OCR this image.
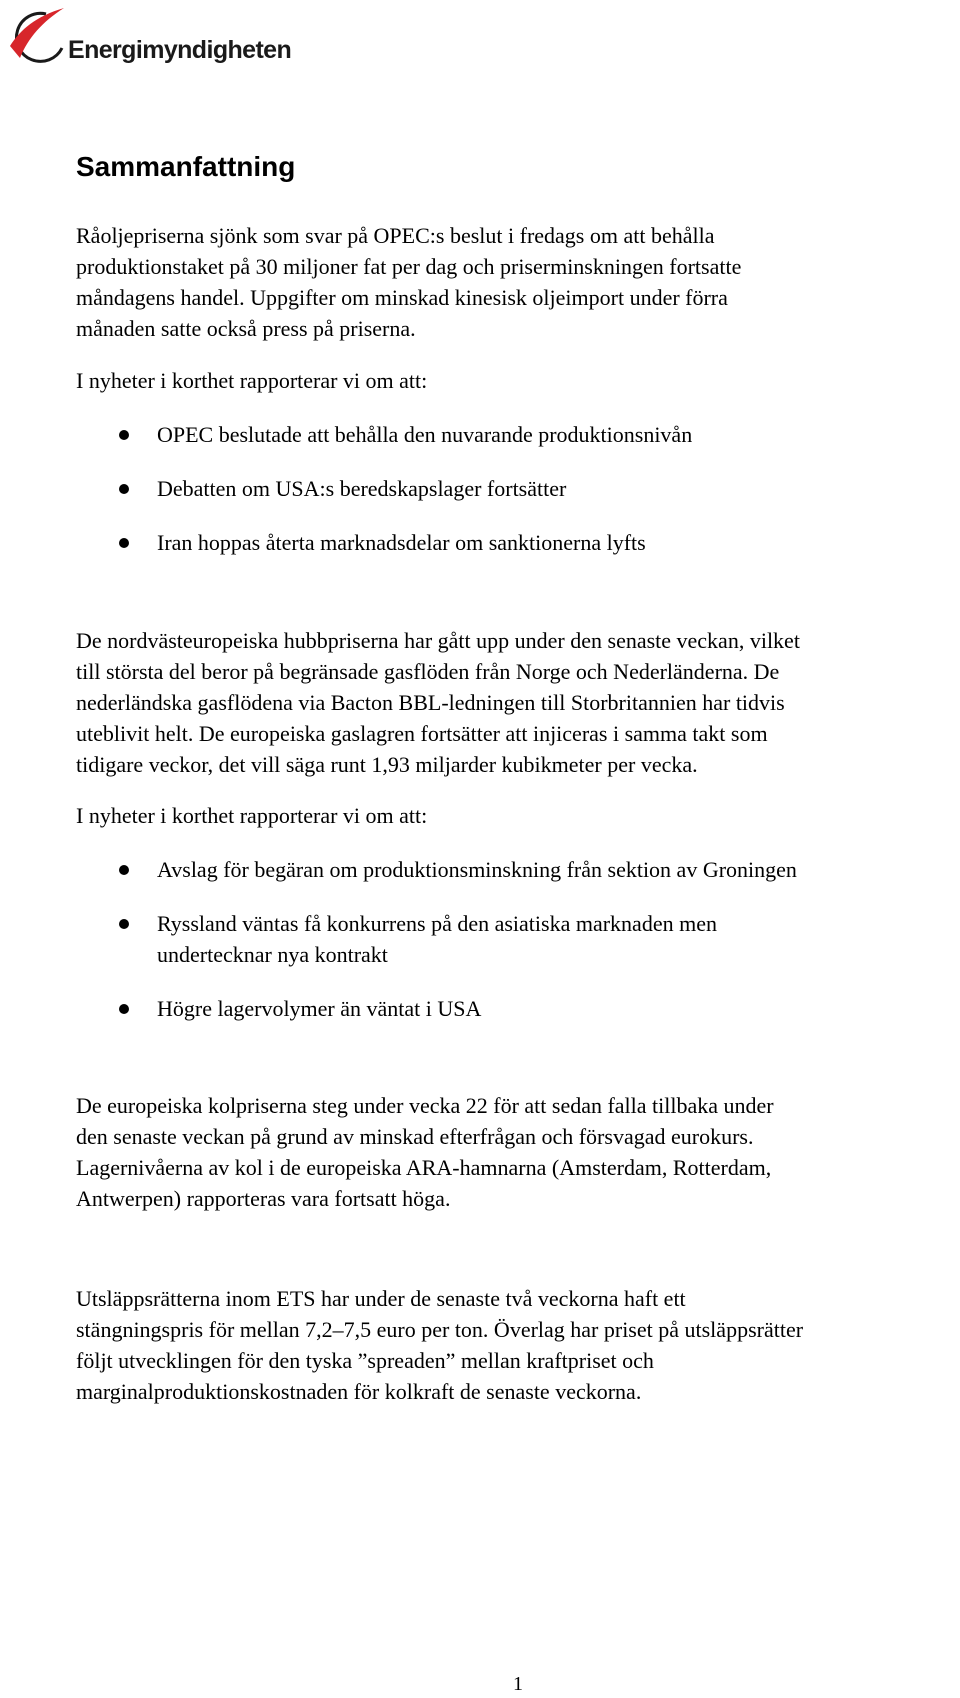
Energimyndigheten
Sammanfattning
Råoljepriserna sjönk som svar på OPEC:s beslut i fredags om att behålla
produktionstaket på 30 miljoner fat per dag och priserminskningen fortsatte
måndagens handel. Uppgifter om minskad kinesisk oljeimport under förra
månaden satte också press på priserna.
I nyheter i korthet rapporterar vi om att:
OPEC beslutade att behålla den nuvarande produktionsnivån
Debatten om USA:s beredskapslager fortsätter
Iran hoppas återta marknadsdelar om sanktionerna lyfts
De nordvästeuropeiska hubbpriserna har gått upp under den senaste veckan, vilket
till största del beror på begränsade gasflöden från Norge och Nederländerna. De
nederländska gasflödena via Bacton BBL-ledningen till Storbritannien har tidvis
uteblivit helt. De europeiska gaslagren fortsätter att injiceras i samma takt som
tidigare veckor, det vill säga runt 1,93 miljarder kubikmeter per vecka.
I nyheter i korthet rapporterar vi om att:
Avslag för begäran om produktionsminskning från sektion av Groningen
Ryssland väntas få konkurrens på den asiatiska marknaden men
undertecknar nya kontrakt
Högre lagervolymer än väntat i USA
De europeiska kolpriserna steg under vecka 22 för att sedan falla tillbaka under
den senaste veckan på grund av minskad efterfrågan och försvagad eurokurs.
Lagernivåerna av kol i de europeiska ARA-hamnarna (Amsterdam, Rotterdam,
Antwerpen) rapporteras vara fortsatt höga.
Utsläppsrätterna inom ETS har under de senaste två veckorna haft ett
stängningspris för mellan 7,2–7,5 euro per ton. Överlag har priset på utsläppsrätter
följt utvecklingen för den tyska ”spreaden” mellan kraftpriset och
marginalproduktionskostnaden för kolkraft de senaste veckorna.
1
